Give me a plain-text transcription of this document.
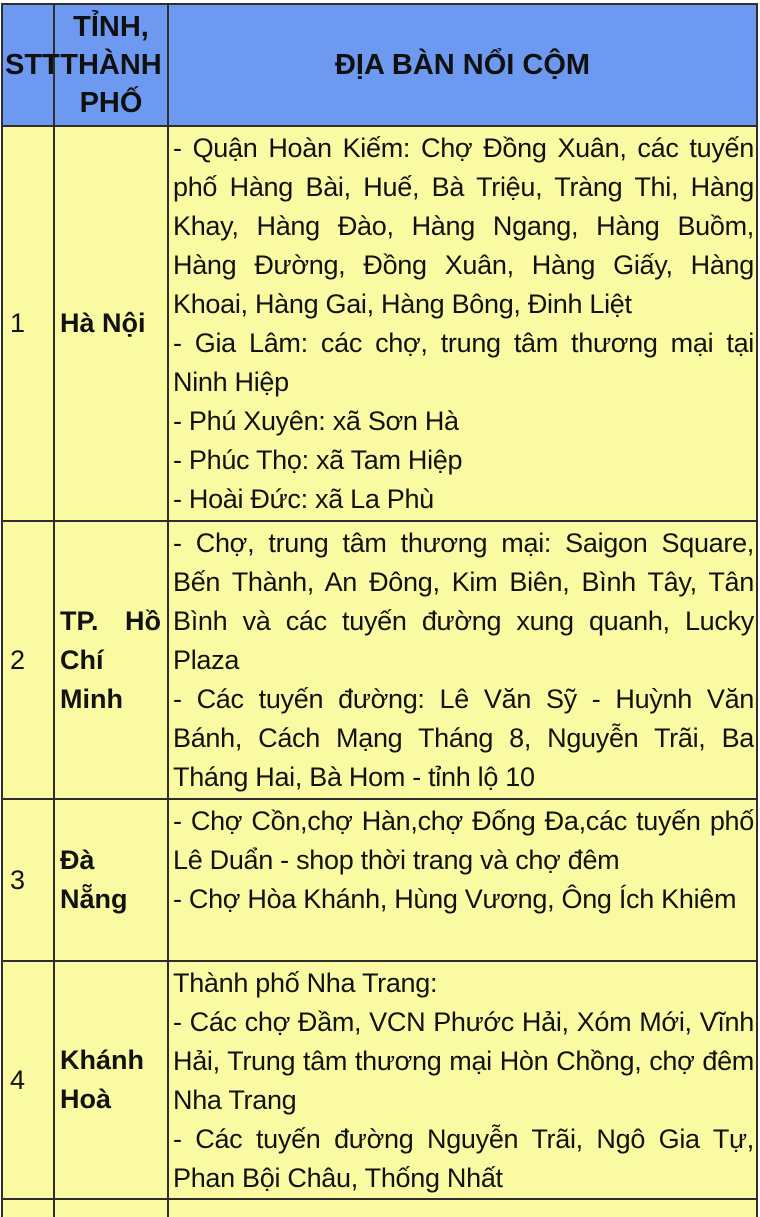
STT	TỈNH, THÀNH PHỐ	ĐỊA BÀN NỔI CỘM
1	Hà Nội	- Quận Hoàn Kiếm: Chợ Đồng Xuân, các tuyến phố Hàng Bài, Huế, Bà Triệu, Tràng Thi, Hàng Khay, Hàng Đào, Hàng Ngang, Hàng Buồm, Hàng Đường, Đồng Xuân, Hàng Giấy, Hàng Khoai, Hàng Gai, Hàng Bông, Đinh Liệt
- Gia Lâm: các chợ, trung tâm thương mại tại Ninh Hiệp
- Phú Xuyên: xã Sơn Hà
- Phúc Thọ: xã Tam Hiệp
- Hoài Đức: xã La Phù

2	TP. Hồ Chí Minh	- Chợ, trung tâm thương mại: Saigon Square, Bến Thành, An Đông, Kim Biên, Bình Tây, Tân Bình và các tuyến đường xung quanh, Lucky Plaza
- Các tuyến đường: Lê Văn Sỹ - Huỳnh Văn Bánh, Cách Mạng Tháng 8, Nguyễn Trãi, Ba Tháng Hai, Bà Hom - tỉnh lộ 10

3	Đà Nẵng	- Chợ Cồn,chợ Hàn,chợ Đống Đa,các tuyến phố Lê Duẩn - shop thời trang và chợ đêm
- Chợ Hòa Khánh, Hùng Vương, Ông Ích Khiêm

4	Khánh Hoà	Thành phố Nha Trang:
- Các chợ Đầm, VCN Phước Hải, Xóm Mới, Vĩnh Hải, Trung tâm thương mại Hòn Chồng, chợ đêm Nha Trang
- Các tuyến đường Nguyễn Trãi, Ngô Gia Tự, Phan Bội Châu, Thống Nhất
